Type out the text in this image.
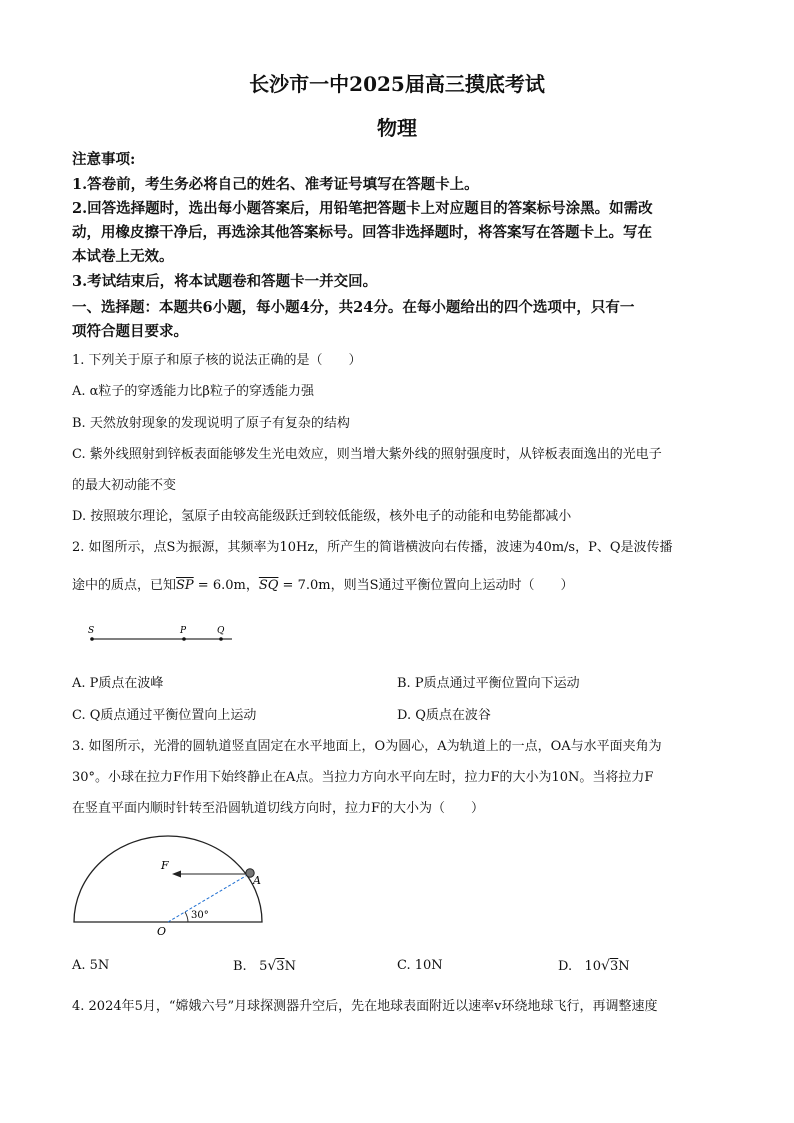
长沙市一中2025届高三摸底考试
物理
注意事项:
1.答卷前，考生务必将自己的姓名、准考证号填写在答题卡上。
2.回答选择题时，选出每小题答案后，用铅笔把答题卡上对应题目的答案标号涂黑。如需改
动，用橡皮擦干净后，再选涂其他答案标号。回答非选择题时，将答案写在答题卡上。写在
本试卷上无效。
3.考试结束后，将本试题卷和答题卡一并交回。
一、选择题：本题共6小题，每小题4分，共24分。在每小题给出的四个选项中，只有一
项符合题目要求。
1. 下列关于原子和原子核的说法正确的是（　　）
A. α粒子的穿透能力比β粒子的穿透能力强
B. 天然放射现象的发现说明了原子有复杂的结构
C. 紫外线照射到锌板表面能够发生光电效应，则当增大紫外线的照射强度时，从锌板表面逸出的光电子
的最大初动能不变
D. 按照玻尔理论，氢原子由较高能级跃迁到较低能级，核外电子的动能和电势能都减小
2. 如图所示，点S为振源，其频率为10Hz，所产生的简谐横波向右传播，波速为40m/s，P、Q是波传播
途中的质点，已知$\overline{SP} = 6.0m$，$\overline{SQ} = 7.0m$，则当S通过平衡位置向上运动时（　　）
S	P	Q
A. P质点在波峰	B. P质点通过平衡位置向下运动
C. Q质点通过平衡位置向上运动	D. Q质点在波谷
3. 如图所示，光滑的圆轨道竖直固定在水平地面上，O为圆心，A为轨道上的一点，OA与水平面夹角为
30°。小球在拉力F作用下始终静止在A点。当拉力方向水平向左时，拉力F的大小为10N。当将拉力F
在竖直平面内顺时针转至沿圆轨道切线方向时，拉力F的大小为（　　）
F
A
O
30°
A. 5N	B. 5√3N	C. 10N	D. 10√3N
4. 2024年5月，“嫦娥六号”月球探测器升空后，先在地球表面附近以速率v环绕地球飞行，再调整速度
